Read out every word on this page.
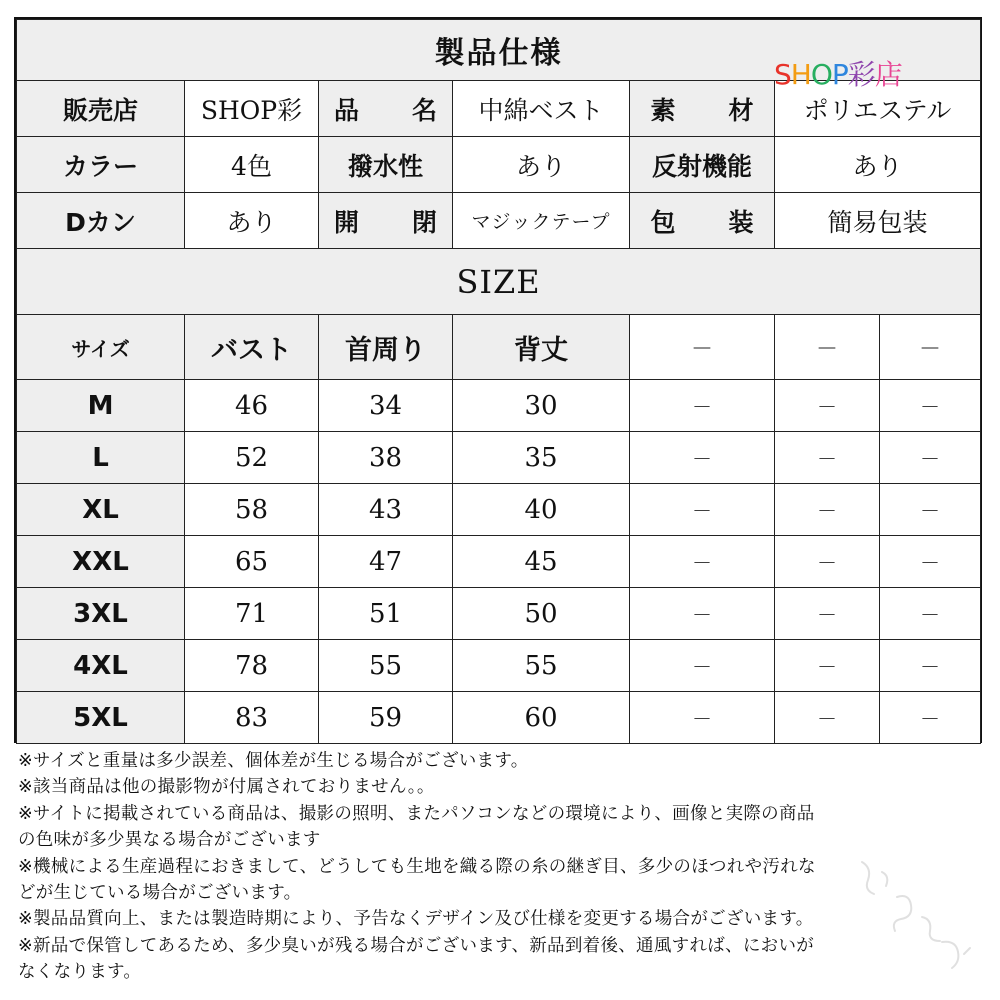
製品仕様						
販売店	SHOP彩	品　名	中綿ベスト	素　材	ポリエステル	
カラー	4色	撥水性	あり	反射機能	あり	
Dカン	あり	開　閉	マジックテープ	包　装	簡易包装	
SIZE						
サイズ	バスト	首周り	背丈	－	－	－
M	46	34	30	－	－	－
L	52	38	35	－	－	－
XL	58	43	40	－	－	－
XXL	65	47	45	－	－	－
3XL	71	51	50	－	－	－
4XL	78	55	55	－	－	－
5XL	83	59	60	－	－	－
SHOP彩店
※サイズと重量は多少誤差、個体差が生じる場合がございます。
※該当商品は他の撮影物が付属されておりません。。
※サイトに掲載されている商品は、撮影の照明、またパソコンなどの環境により、画像と実際の商品
の色味が多少異なる場合がございます
※機械による生産過程におきまして、どうしても生地を織る際の糸の継ぎ目、多少のほつれや汚れな
どが生じている場合がございます。
※製品品質向上、または製造時期により、予告なくデザイン及び仕様を変更する場合がございます。
※新品で保管してあるため、多少臭いが残る場合がございます、新品到着後、通風すれば、においが
なくなります。
